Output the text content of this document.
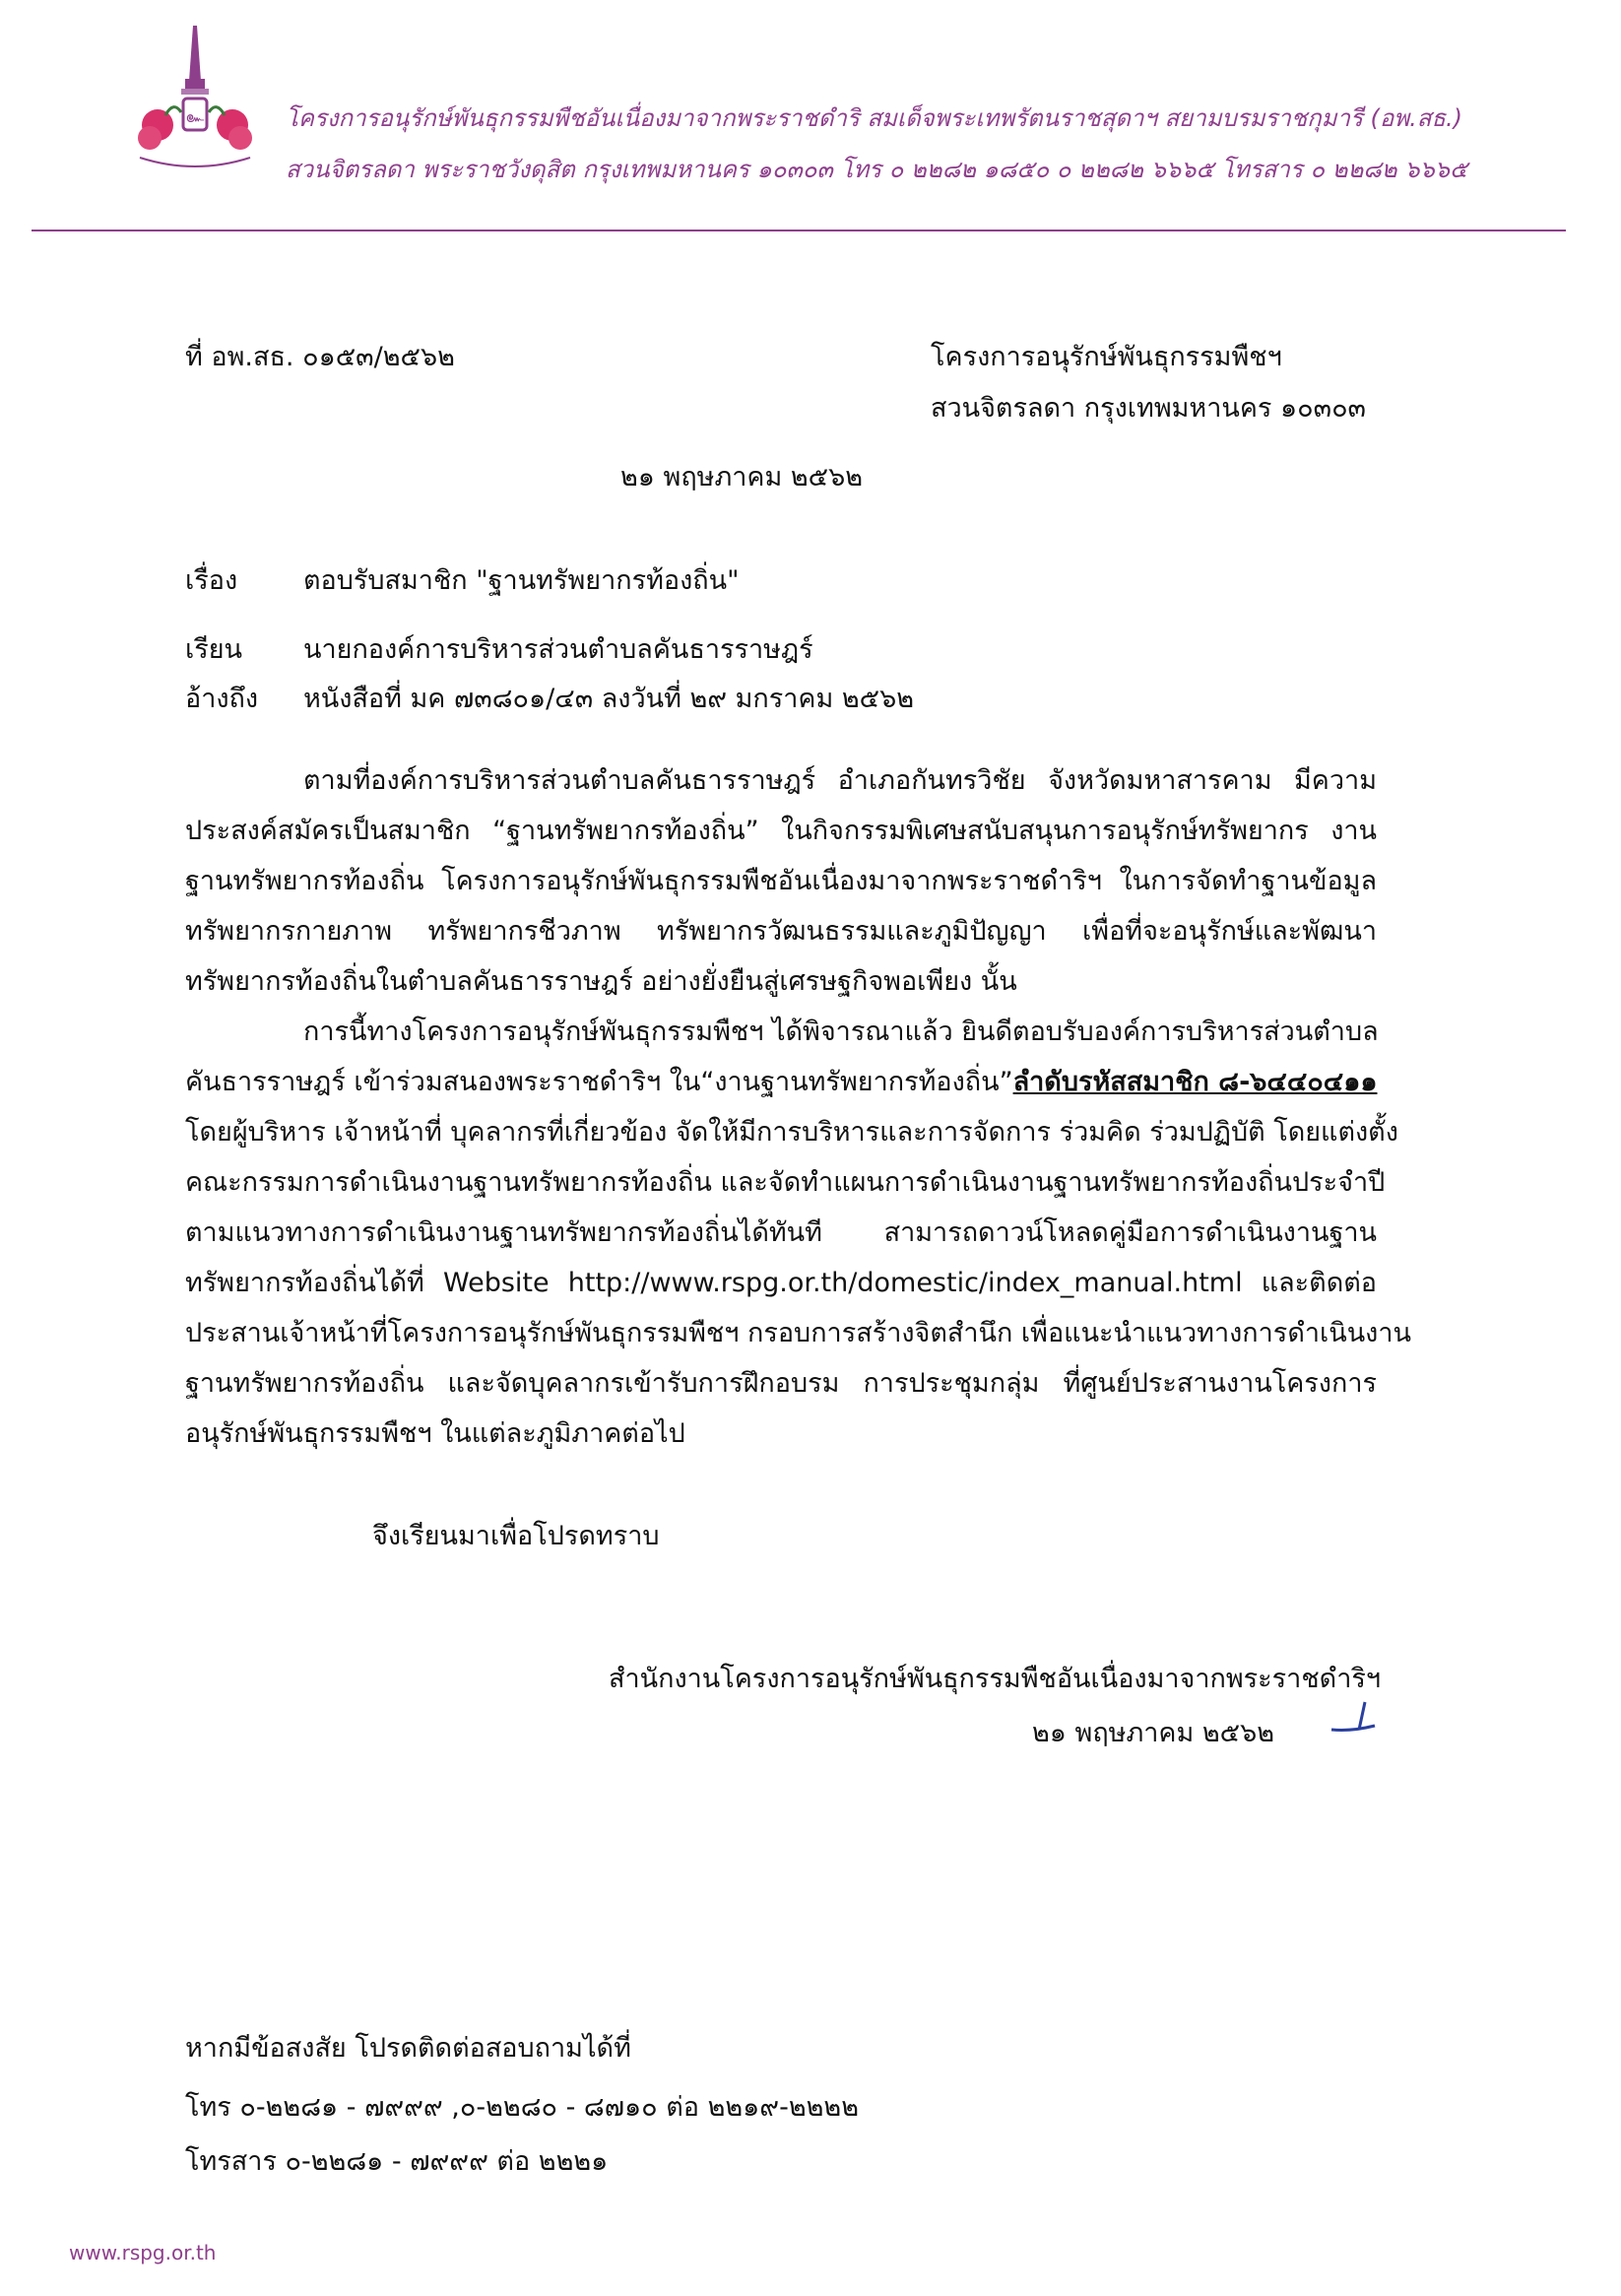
๛	โครงการอนุรักษ์พันธุกรรมพืชอันเนื่องมาจากพระราชดำริ สมเด็จพระเทพรัตนราชสุดาฯ สยามบรมราชกุมารี (อพ.สธ.)
สวนจิตรลดา พระราชวังดุสิต กรุงเทพมหานคร ๑๐๓๐๓ โทร ๐ ๒๒๘๒ ๑๘๕๐ ๐ ๒๒๘๒ ๖๖๖๕ โทรสาร ๐ ๒๒๘๒ ๖๖๖๕
ที่ อพ.สธ. ๐๑๕๓/๒๕๖๒	โครงการอนุรักษ์พันธุกรรมพืชฯ
สวนจิตรลดา กรุงเทพมหานคร ๑๐๓๐๓
๒๑ พฤษภาคม ๒๕๖๒
เรื่อง ตอบรับสมาชิก "ฐานทรัพยากรท้องถิ่น"
เรียน นายกองค์การบริหารส่วนตำบลคันธารราษฎร์
อ้างถึง หนังสือที่ มค ๗๓๘๐๑/๔๓ ลงวันที่ ๒๙ มกราคม ๒๕๖๒
ตามที่องค์การบริหารส่วนตำบลคันธารราษฎร์ อำเภอกันทรวิชัย จังหวัดมหาสารคาม มีความ
ประสงค์สมัครเป็นสมาชิก “ฐานทรัพยากรท้องถิ่น” ในกิจกรรมพิเศษสนับสนุนการอนุรักษ์ทรัพยากร งาน
ฐานทรัพยากรท้องถิ่น โครงการอนุรักษ์พันธุกรรมพืชอันเนื่องมาจากพระราชดำริฯ ในการจัดทำฐานข้อมูล
ทรัพยากรกายภาพ ทรัพยากรชีวภาพ ทรัพยากรวัฒนธรรมและภูมิปัญญา เพื่อที่จะอนุรักษ์และพัฒนา
ทรัพยากรท้องถิ่นในตำบลคันธารราษฎร์ อย่างยั่งยืนสู่เศรษฐกิจพอเพียง นั้น
การนี้ทางโครงการอนุรักษ์พันธุกรรมพืชฯ ได้พิจารณาแล้ว ยินดีตอบรับองค์การบริหารส่วนตำบล
คันธารราษฎร์ เข้าร่วมสนองพระราชดำริฯ ใน“งานฐานทรัพยากรท้องถิ่น”ลำดับรหัสสมาชิก ๘-๖๔๔๐๔๑๑
โดยผู้บริหาร เจ้าหน้าที่ บุคลากรที่เกี่ยวข้อง จัดให้มีการบริหารและการจัดการ ร่วมคิด ร่วมปฏิบัติ โดยแต่งตั้ง
คณะกรรมการดำเนินงานฐานทรัพยากรท้องถิ่น และจัดทำแผนการดำเนินงานฐานทรัพยากรท้องถิ่นประจำปี
ตามแนวทางการดำเนินงานฐานทรัพยากรท้องถิ่นได้ทันที สามารถดาวน์โหลดคู่มือการดำเนินงานฐาน
ทรัพยากรท้องถิ่นได้ที่ Website http://www.rspg.or.th/domestic/index_manual.html และติดต่อ
ประสานเจ้าหน้าที่โครงการอนุรักษ์พันธุกรรมพืชฯ กรอบการสร้างจิตสำนึก เพื่อแนะนำแนวทางการดำเนินงาน
ฐานทรัพยากรท้องถิ่น และจัดบุคลากรเข้ารับการฝึกอบรม การประชุมกลุ่ม ที่ศูนย์ประสานงานโครงการ
อนุรักษ์พันธุกรรมพืชฯ ในแต่ละภูมิภาคต่อไป
จึงเรียนมาเพื่อโปรดทราบ
สำนักงานโครงการอนุรักษ์พันธุกรรมพืชอันเนื่องมาจากพระราชดำริฯ
๒๑ พฤษภาคม ๒๕๖๒
หากมีข้อสงสัย โปรดติดต่อสอบถามได้ที่
โทร ๐-๒๒๘๑ - ๗๙๙๙ ,๐-๒๒๘๐ - ๘๗๑๐ ต่อ ๒๒๑๙-๒๒๒๒
โทรสาร ๐-๒๒๘๑ - ๗๙๙๙ ต่อ ๒๒๒๑
www.rspg.or.th
